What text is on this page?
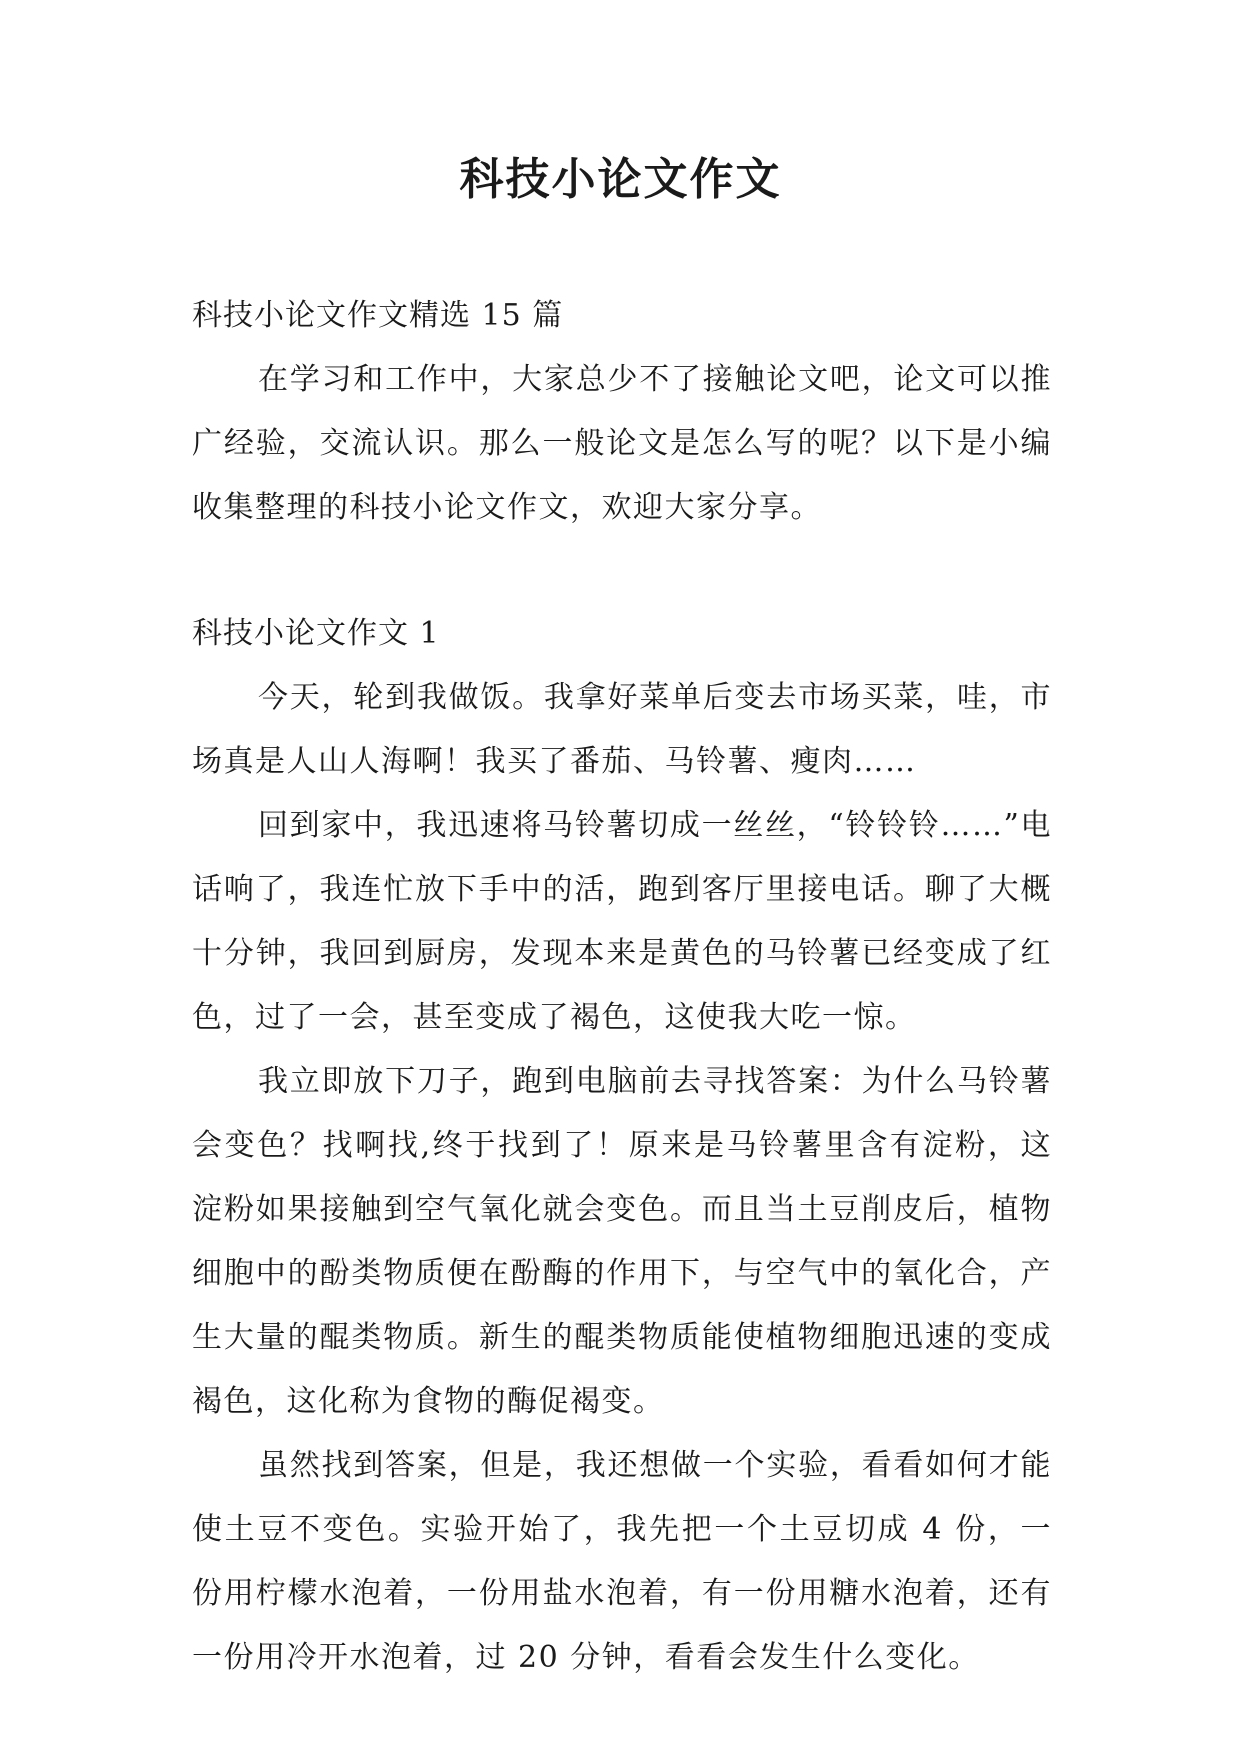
科技小论文作文

科技小论文作文精选 15 篇

在学习和工作中，大家总少不了接触论文吧，论文可以推广经验，交流认识。那么一般论文是怎么写的呢？以下是小编收集整理的科技小论文作文，欢迎大家分享。

科技小论文作文 1

今天，轮到我做饭。我拿好菜单后变去市场买菜，哇，市场真是人山人海啊！我买了番茄、马铃薯、瘦肉……

回到家中，我迅速将马铃薯切成一丝丝，“铃铃铃……”电话响了，我连忙放下手中的活，跑到客厅里接电话。聊了大概十分钟，我回到厨房，发现本来是黄色的马铃薯已经变成了红色，过了一会，甚至变成了褐色，这使我大吃一惊。

我立即放下刀子，跑到电脑前去寻找答案：为什么马铃薯会变色？找啊找,终于找到了！原来是马铃薯里含有淀粉，这淀粉如果接触到空气氧化就会变色。而且当土豆削皮后，植物细胞中的酚类物质便在酚酶的作用下，与空气中的氧化合，产生大量的醌类物质。新生的醌类物质能使植物细胞迅速的变成褐色，这化称为食物的酶促褐变。

虽然找到答案，但是，我还想做一个实验，看看如何才能使土豆不变色。实验开始了，我先把一个土豆切成 4 份，一份用柠檬水泡着，一份用盐水泡着，有一份用糖水泡着，还有一份用冷开水泡着，过 20 分钟，看看会发生什么变化。
